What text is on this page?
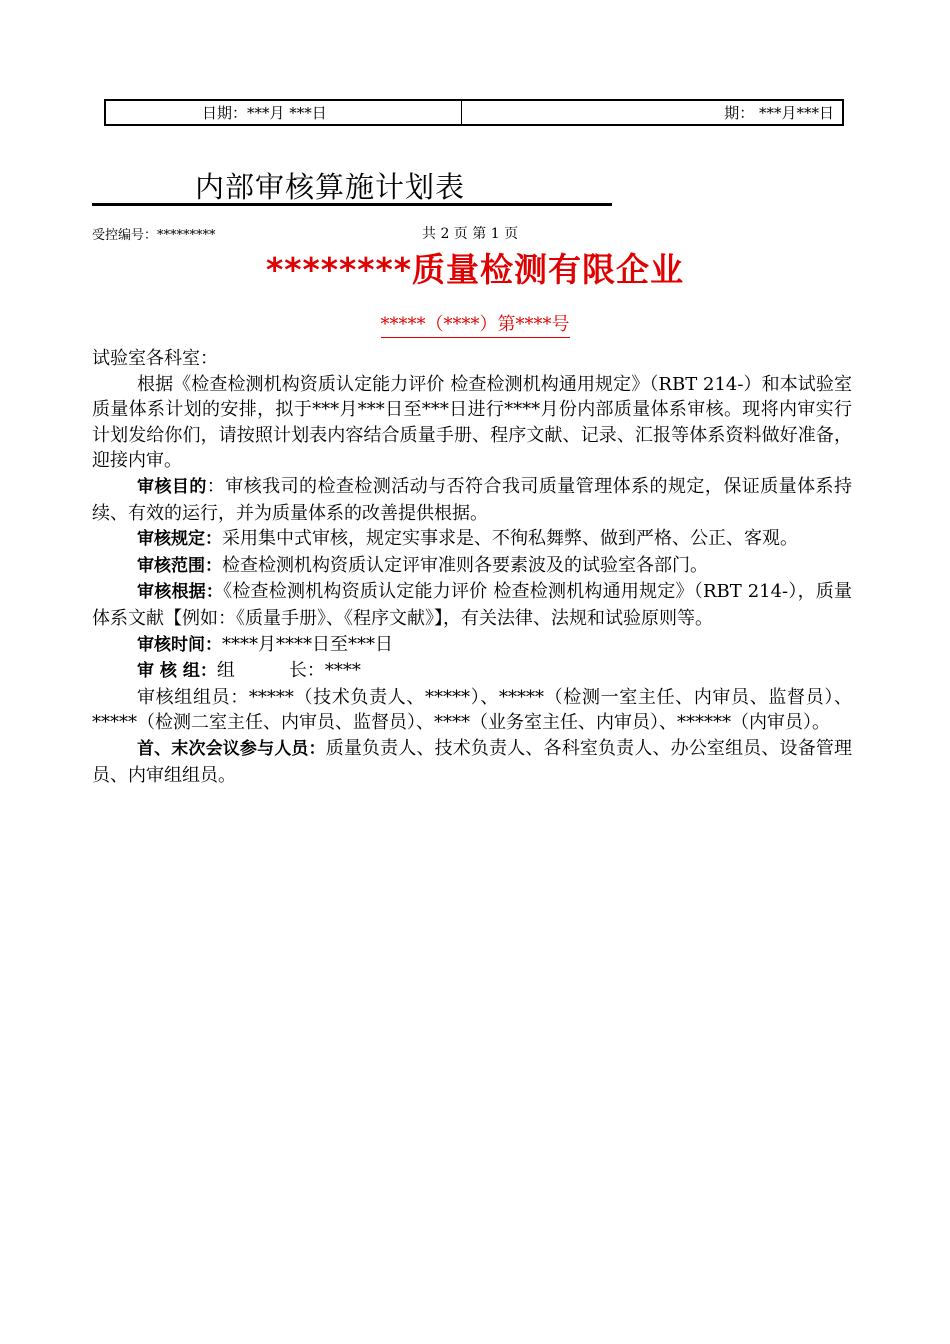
日期：***月 ***日	期： ***月***日
内部审核算施计划表
受控编号：*********	共 2 页 第 1 页
********质量检测有限企业
*****（****）第****号

试验室各科室：

根据《检查检测机构资质认定能力评价 检查检测机构通用规定》（RBT 214-）和本试验室质量体系计划的安排，拟于***月***日至***日进行****月份内部质量体系审核。现将内审实行计划发给你们，请按照计划表内容结合质量手册、程序文献、记录、汇报等体系资料做好准备，迎接内审。

审核目的：审核我司的检查检测活动与否符合我司质量管理体系的规定，保证质量体系持续、有效的运行，并为质量体系的改善提供根据。

审核规定：采用集中式审核，规定实事求是、不徇私舞弊、做到严格、公正、客观。

审核范围：检查检测机构资质认定评审准则各要素波及的试验室各部门。

审核根据：《检查检测机构资质认定能力评价 检查检测机构通用规定》（RBT 214-），质量体系文献【例如：《质量手册》、《程序文献》】，有关法律、法规和试验原则等。

审核时间：****月****日至***日

审 核 组：组　　　长：****

审核组组员：*****（技术负责人、*****）、*****（检测一室主任、内审员、监督员）、*****（检测二室主任、内审员、监督员）、****（业务室主任、内审员）、******（内审员）。

首、末次会议参与人员：质量负责人、技术负责人、各科室负责人、办公室组员、设备管理员、内审组组员。
